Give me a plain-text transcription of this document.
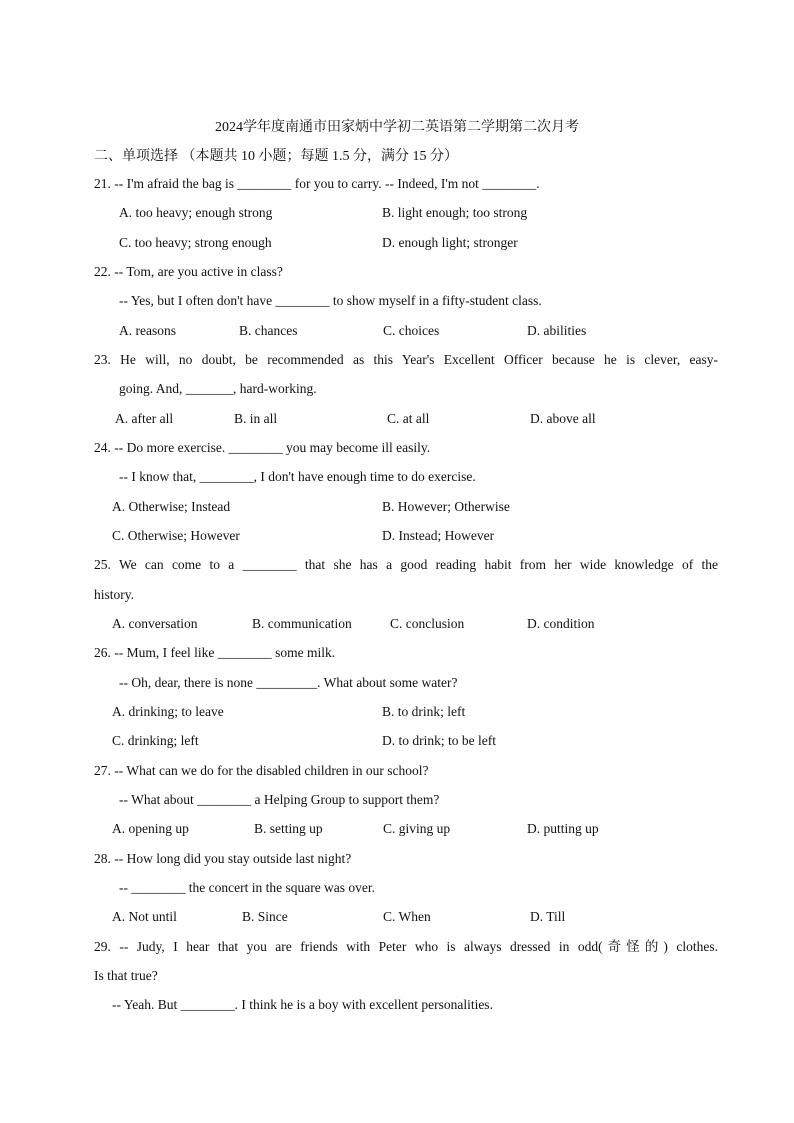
2024学年度南通市田家炳中学初二英语第二学期第二次月考
二、单项选择 （本题共 10 小题；每题 1.5 分，满分 15 分）
21. -- I'm afraid the bag is ________ for you to carry. -- Indeed, I'm not ________.
A. too heavy; enough strong	B. light enough; too strong
C. too heavy; strong enough	D. enough light; stronger
22. -- Tom, are you active in class?
-- Yes, but I often don't have ________ to show myself in a fifty-student class.
A. reasons	B. chances	C. choices	D. abilities
23. He will, no doubt, be recommended as this Year's Excellent Officer because he is clever, easy-
going. And, _______, hard-working.
A. after all	B. in all	C. at all	D. above all
24. -- Do more exercise. ________ you may become ill easily.
-- I know that, ________, I don't have enough time to do exercise.
A. Otherwise; Instead	B. However; Otherwise
C. Otherwise; However	D. Instead; However
25. We can come to a ________ that she has a good reading habit from her wide knowledge of the
history.
A. conversation	B. communication	C. conclusion	D. condition
26. -- Mum, I feel like ________ some milk.
-- Oh, dear, there is none _________. What about some water?
A. drinking; to leave	B. to drink; left
C. drinking; left	D. to drink; to be left
27. -- What can we do for the disabled children in our school?
-- What about ________ a Helping Group to support them?
A. opening up	B. setting up	C. giving up	D. putting up
28. -- How long did you stay outside last night?
-- ________ the concert in the square was over.
A. Not until	B. Since	C. When	D. Till
29. -- Judy, I hear that you are friends with Peter who is always dressed in odd(奇怪的) clothes.
Is that true?
-- Yeah. But ________. I think he is a boy with excellent personalities.
